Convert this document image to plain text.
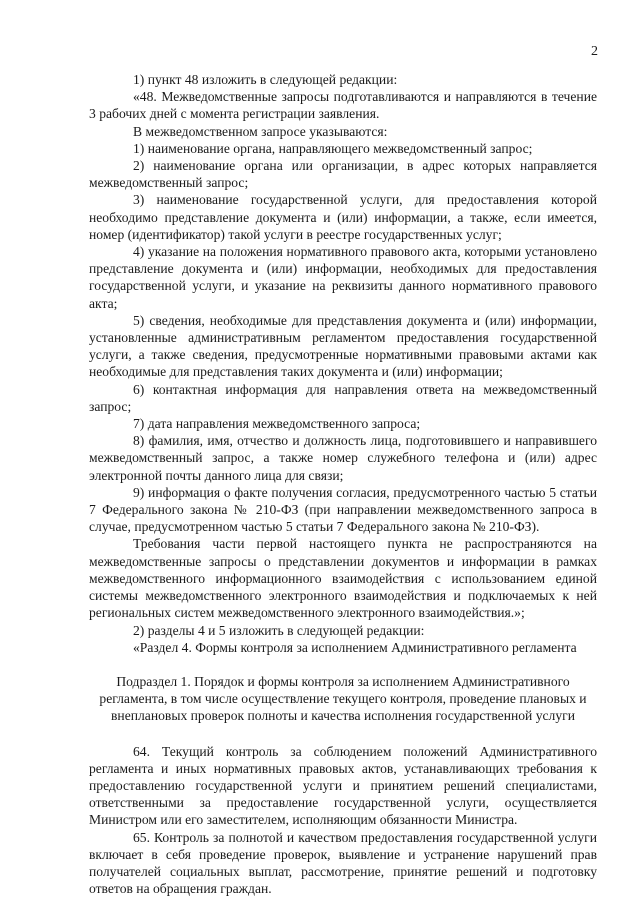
2

1) пункт 48 изложить в следующей редакции:

«48. Межведомственные запросы подготавливаются и направляются в течение 3 рабочих дней с момента регистрации заявления.

В межведомственном запросе указываются:

1) наименование органа, направляющего межведомственный запрос;

2) наименование органа или организации, в адрес которых направляется межведомственный запрос;

3) наименование государственной услуги, для предоставления которой необходимо представление документа и (или) информации, а также, если имеется, номер (идентификатор) такой услуги в реестре государственных услуг;

4) указание на положения нормативного правового акта, которыми установлено представление документа и (или) информации, необходимых для предоставления государственной услуги, и указание на реквизиты данного нормативного правового акта;

5) сведения, необходимые для представления документа и (или) информации, установленные административным регламентом предоставления государственной услуги, а также сведения, предусмотренные нормативными правовыми актами как необходимые для представления таких документа и (или) информации;

6) контактная информация для направления ответа на межведомственный запрос;

7) дата направления межведомственного запроса;

8) фамилия, имя, отчество и должность лица, подготовившего и направившего межведомственный запрос, а также номер служебного телефона и (или) адрес электронной почты данного лица для связи;

9) информация о факте получения согласия, предусмотренного частью 5 статьи 7 Федерального закона № 210-ФЗ (при направлении межведомственного запроса в случае, предусмотренном частью 5 статьи 7 Федерального закона № 210-ФЗ).

Требования части первой настоящего пункта не распространяются на межведомственные запросы о представлении документов и информации в рамках межведомственного информационного взаимодействия с использованием единой системы межведомственного электронного взаимодействия и подключаемых к ней региональных систем межведомственного электронного взаимодействия.»;

2) разделы 4 и 5 изложить в следующей редакции:

«Раздел 4. Формы контроля за исполнением Административного регламента

Подраздел 1. Порядок и формы контроля за исполнением Административного регламента, в том числе осуществление текущего контроля, проведение плановых и внеплановых проверок полноты и качества исполнения государственной услуги

64. Текущий контроль за соблюдением положений Административного регламента и иных нормативных правовых актов, устанавливающих требования к предоставлению государственной услуги и принятием решений специалистами, ответственными за предоставление государственной услуги, осуществляется Министром или его заместителем, исполняющим обязанности Министра.

65. Контроль за полнотой и качеством предоставления государственной услуги включает в себя проведение проверок, выявление и устранение нарушений прав получателей социальных выплат, рассмотрение, принятие решений и подготовку ответов на обращения граждан.
